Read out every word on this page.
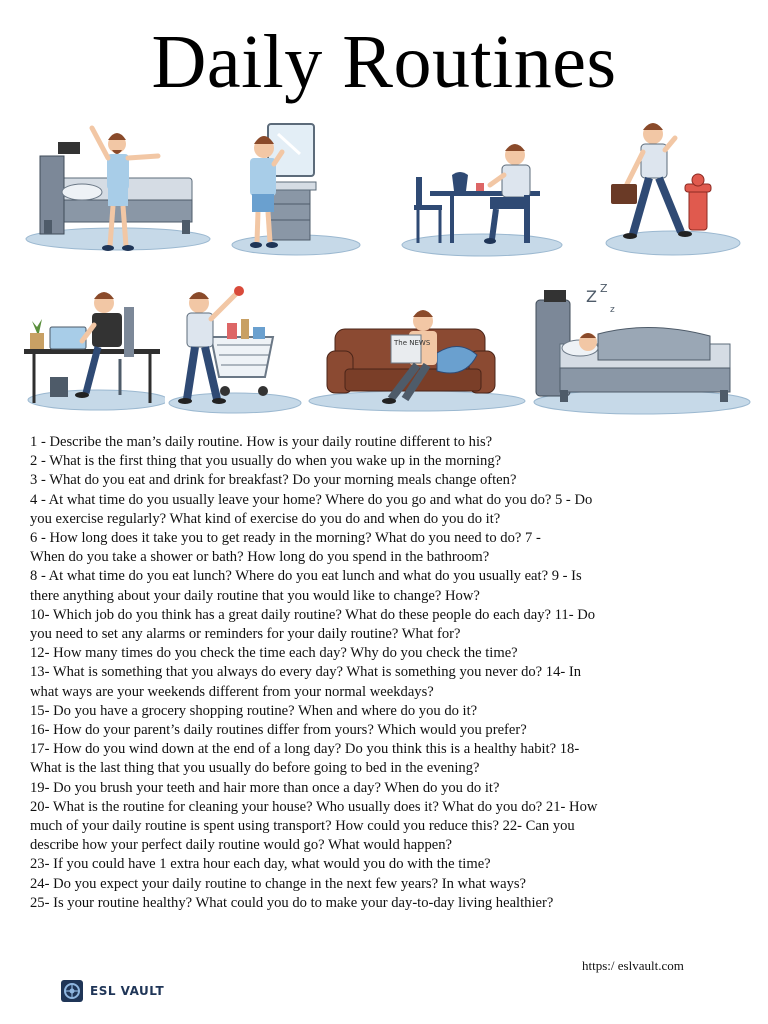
Daily Routines
The NEWS
Z Z
z
1 - Describe the man’s daily routine. How is your daily routine different to his?
2 - What is the first thing that you usually do when you wake up in the morning?
3 - What do you eat and drink for breakfast? Do your morning meals change often?
4 - At what time do you usually leave your home? Where do you go and what do you do? 5 - Do
you exercise regularly? What kind of exercise do you do and when do you do it?
6 - How long does it take you to get ready in the morning? What do you need to do? 7 -
When do you take a shower or bath? How long do you spend in the bathroom?
8 - At what time do you eat lunch? Where do you eat lunch and what do you usually eat? 9 - Is
there anything about your daily routine that you would like to change? How?
10- Which job do you think has a great daily routine? What do these people do each day? 11- Do
you need to set any alarms or reminders for your daily routine? What for?
12- How many times do you check the time each day? Why do you check the time?
13- What is something that you always do every day? What is something you never do? 14- In
what ways are your weekends different from your normal weekdays?
15- Do you have a grocery shopping routine? When and where do you do it?
16- How do your parent’s daily routines differ from yours? Which would you prefer?
17- How do you wind down at the end of a long day? Do you think this is a healthy habit? 18-
What is the last thing that you usually do before going to bed in the evening?
19- Do you brush your teeth and hair more than once a day? When do you do it?
20- What is the routine for cleaning your house? Who usually does it? What do you do? 21- How
much of your daily routine is spent using transport? How could you reduce this? 22- Can you
describe how your perfect daily routine would go? What would happen?
23- If you could have 1 extra hour each day, what would you do with the time?
24- Do you expect your daily routine to change in the next few years? In what ways?
25- Is your routine healthy? What could you do to make your day-to-day living healthier?
https:/ eslvault.com
ESL VAULT
